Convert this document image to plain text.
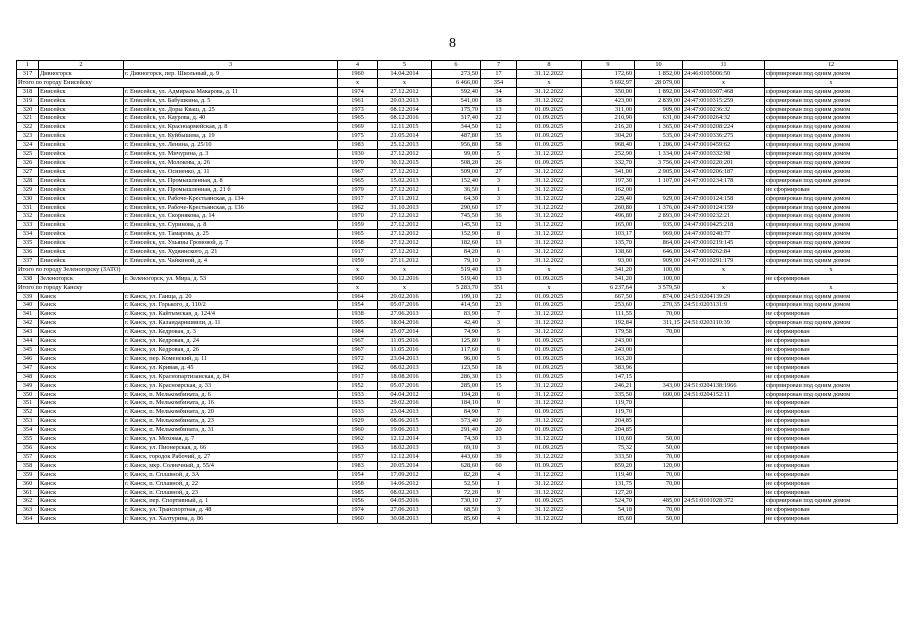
8
1	2	3	4	5	6	7	8	9	10	11	12
317	Дивногорск	г. Дивногорск, пер. Школьный, д. 9	1960	14.04.2014	273,50	17	31.12.2022	172,60	1 852,00	24:46:0105006:50	сформирован под одним домом
Итого по городу Енисейску			x	x	6 466,00	354	x	5 692,97	28 079,00	x	x
318	Енисейск	г. Енисейск, ул. Адмирала Макарова, д. 11	1974	27.12.2012	592,40	34	31.12.2022	350,00	1 892,00	24:47:0010307:468	сформирован под одним домом
319	Енисейск	г. Енисейск, ул. Бабушкина, д. 5	1961	20.03.2013	541,00	18	31.12.2022	423,00	2 839,00	24:47:0010315:259	сформирован под одним домом
320	Енисейск	г. Енисейск, ул. Доры Кваш, д. 25	1973	08.12.2014	175,70	13	01.09.2025	311,00	909,00	24:47:0010236:32	сформирован под одним домом
321	Енисейск	г. Енисейск, ул. Каурова, д. 40	1965	08.12.2016	317,40	22	01.09.2025	210,90	631,00	24:47:0010264:32	сформирован под одним домом
322	Енисейск	г. Енисейск, ул. Красноармейская, д. 8	1969	12.11.2015	344,50	12	01.09.2025	216,20	1 365,00	24:47:0010208:224	сформирован под одним домом
323	Енисейск	г. Енисейск, ул. Куйбышева, д. 19	1975	21.05.2014	487,80	35	01.09.2025	304,20	535,00	24:47:0010336:275	сформирован под одним домом
324	Енисейск	г. Енисейск, ул. Ленина, д. 25/10	1983	25.12.2013	956,80	58	01.09.2025	968,40	1 286,00	24:47:0010459:62	сформирован под одним домом
325	Енисейск	г. Енисейск, ул. Мичурина, д. 3	1930	27.12.2012	99,00	5	31.12.2022	252,90	1 334,00	24:47:0010332:98	сформирован под одним домом
326	Енисейск	г. Енисейск, ул. Молокова, д. 26	1970	30.12.2015	508,20	26	01.09.2025	332,70	3 756,00	24:47:0010220:201	сформирован под одним домом
327	Енисейск	г. Енисейск, ул. Осиненко, д. 11	1967	27.12.2012	509,00	27	31.12.2022	341,00	2 905,00	24:47:0010206:187	сформирован под одним домом
328	Енисейск	г. Енисейск, ул. Промышленная, д. 8	1965	15.02.2013	152,40	3	31.12.2022	197,30	1 107,00	24:47:0010234:178	сформирован под одним домом
329	Енисейск	г. Енисейск, ул. Промышленная, д. 21 б	1979	27.12.2012	36,50	1	31.12.2022	162,00			не сформирован
330	Енисейск	г. Енисейск, ул. Рабоче-Крестьянская, д. 134	1917	27.11.2012	64,30	3	31.12.2022	229,40	929,00	24:47:0010124:158	сформирован под одним домом
331	Енисейск	г. Енисейск, ул. Рабоче-Крестьянская, д. 136	1962	31.10.2013	290,60	17	31.12.2022	260,80	1 376,00	24:47:0010124:159	сформирован под одним домом
332	Енисейск	г. Енисейск, ул. Скорнякова, д. 14	1970	27.12.2012	745,50	36	31.12.2022	496,80	2 893,00	24:47:0010232:21	сформирован под одним домом
333	Енисейск	г. Енисейск, ул. Суринова, д. 8	1959	27.12.2012	145,50	12	31.12.2022	165,00	935,00	24:47:0010425:218	сформирован под одним домом
334	Енисейск	г. Енисейск, ул. Тамарова, д. 25	1965	27.12.2012	152,90	8	31.12.2022	103,17	969,00	24:47:0010240:77	сформирован под одним домом
335	Енисейск	г. Енисейск, ул. Ульяны Громовой, д. 7	1958	27.12.2012	182,60	13	31.12.2022	135,70	864,00	24:47:0010219:145	сформирован под одним домом
336	Енисейск	г. Енисейск, ул. Худяинского, д. 21	1917	27.12.2012	84,20	6	31.12.2022	138,60	646,00	24:47:0010262:84	сформирован под одним домом
337	Енисейск	г. Енисейск, ул. Чайкиной, д. 4	1959	27.11.2012	79,10	3	31.12.2022	93,00	909,00	24:47:0010291:179	сформирован под одним домом
Итого по городу Зеленогорску (ЗАТО)			x	x	519,40	13	x	341,20	100,00	x	x
338	Зеленогорск	г. Зеленогорск, ул. Мира, д. 53	1960	30.12.2016	519,40	13	01.09.2025	341,20	100,00		не сформирован
Итого по городу Канску			x	x	5 283,70	351	x	6 237,64	3 579,50	x	x
339	Канск	г. Канск, ул. Гаища, д. 20	1964	29.02.2016	199,10	22	01.09.2025	667,50	874,00	24:51:0204139:29	сформирован под одним домом
340	Канск	г. Канск, ул. Горького, д. 110/2	1954	05.07.2016	414,50	23	01.09.2025	253,60	270,35	24:51:0203131:9	сформирован под одним домом
341	Канск	г. Канск, ул. Кайтымская, д. 124/4	1938	27.06.2013	83,90	7	31.12.2022	111,55	70,00		не сформирован
342	Канск	г. Канск, ул. Каландаришвили, д. 11	1905	18.04.2016	42,40	3	31.12.2022	192,84	311,15	24:51:0203110:39	сформирован под одним домом
343	Канск	г. Канск, ул. Кедровая, д. 3	1984	25.07.2014	74,90	5	31.12.2022	179,58	70,00		не сформирован
344	Канск	г. Канск, ул. Кедровая, д. 24	1967	11.05.2016	125,80	9	01.09.2025	243,00			не сформирован
345	Канск	г. Канск, ул. Кедровая, д. 26	1967	11.05.2016	117,60	6	01.09.2025	243,00			не сформирован
346	Канск	г. Канск, пер. Коменский, д. 11	1972	23.04.2013	96,00	5	01.09.2025	163,20			не сформирован
347	Канск	г. Канск, ул. Кривая, д. 45	1962	08.02.2013	123,50	18	01.09.2025	383,96			не сформирован
348	Канск	г. Канск, ул. Краснопартизанская, д. 84	1917	18.08.2016	286,30	13	01.09.2025	147,15			не сформирован
349	Канск	г. Канск, ул. Красноярская, д. 33	1952	05.07.2016	285,00	15	31.12.2022	246,21	343,00	24:51:0204138:1966	сформирован под одним домом
350	Канск	г. Канск, п. Мелькомбината, д. 6	1933	04.04.2012	194,20	6	31.12.2022	335,50	600,00	24:51:0204152:11	сформирован под одним домом
351	Канск	г. Канск, п. Мелькомбината, д. 16	1933	29.02.2016	184,10	9	31.12.2022	119,70			не сформирован
352	Канск	г. Канск, п. Мелькомбината, д. 20	1933	23.04.2013	84,90	7	01.09.2025	119,70			не сформирован
353	Канск	г. Канск, п. Мелькомбината, д. 23	1929	08.06.2015	373,40	20	31.12.2022	204,85			не сформирован
354	Канск	г. Канск, п. Мелькомбината, д. 31	1960	19.06.2013	291,40	20	01.09.2025	204,85			не сформирован
355	Канск	г. Канск, ул. Моховая, д. 7	1962	12.12.2014	74,30	13	31.12.2022	110,60	50,00		не сформирован
356	Канск	г. Канск, ул. Пионерская, д. 66	1963	18.02.2013	69,10	3	01.09.2025	75,32	50,00		не сформирован
357	Канск	г. Канск, городок Рабочий, д. 27	1957	12.12.2014	443,60	39	31.12.2022	333,50	70,00		не сформирован
358	Канск	г. Канск, мкр. Солнечный, д. 55/4	1983	20.05.2014	628,60	60	01.09.2025	859,20	120,00		не сформирован
359	Канск	г. Канск, п. Сплавной, д. 3А	1954	17.09.2012	82,20	4	31.12.2022	119,40	70,00		не сформирован
360	Канск	г. Канск, п. Сплавной, д. 22	1958	14.06.2012	52,50	1	31.12.2022	131,75	70,00		не сформирован
361	Канск	г. Канск, п. Сплавной, д. 23	1985	08.02.2013	72,20	9	31.12.2022	127,20			не сформирован
362	Канск	г. Канск, пер. Спортивный, д. 1	1956	04.05.2016	730,10	27	01.09.2025	524,70	485,00	24:51:0101028:372	сформирован под одним домом
363	Канск	г. Канск, ул. Транспортная, д. 48	1974	27.06.2013	68,50	3	31.12.2022	54,18	70,00		не сформирован
364	Канск	г. Канск, ул. Халтурина, д. 86	1960	30.08.2013	85,60	4	31.12.2022	85,60	50,00		не сформирован
